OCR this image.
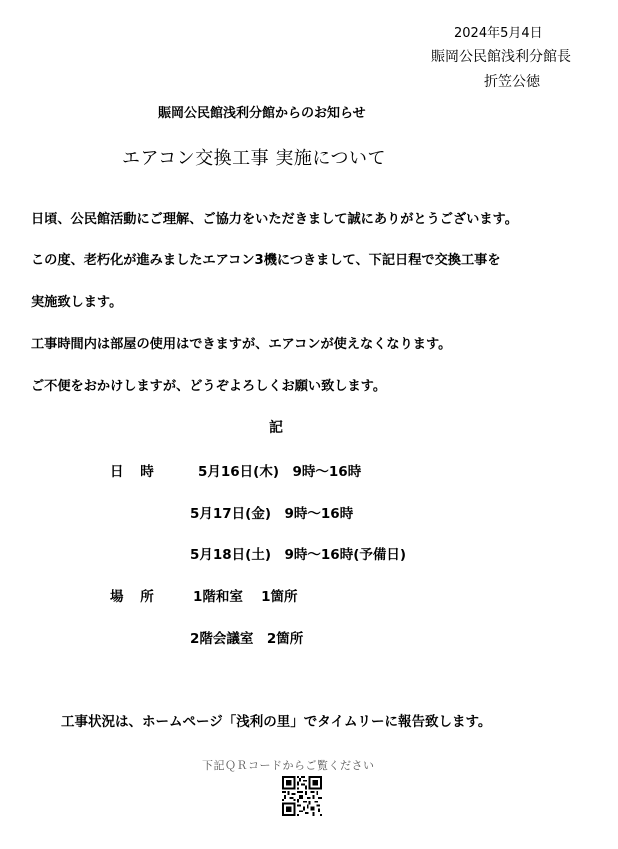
2024年5月4日
賑岡公民館浅利分館長
折笠公徳
賑岡公民館浅利分館からのお知らせ
エアコン交換工事 実施について
日頃、公民館活動にご理解、ご協力をいただきまして誠にありがとうございます。
この度、老朽化が進みましたエアコン3機につきまして、下記日程で交換工事を
実施致します。
工事時間内は部屋の使用はできますが、エアコンが使えなくなります。
ご不便をおかけしますが、どうぞよろしくお願い致します。
記
日 時	5月16日(木)　9時～16時
5月17日(金)　9時～16時
5月18日(土)　9時～16時(予備日)
場 所 1階和室　 1箇所
2階会議室　2箇所
工事状況は、ホームページ「浅利の里」でタイムリーに報告致します。
下記ＱＲコードからご覧ください
